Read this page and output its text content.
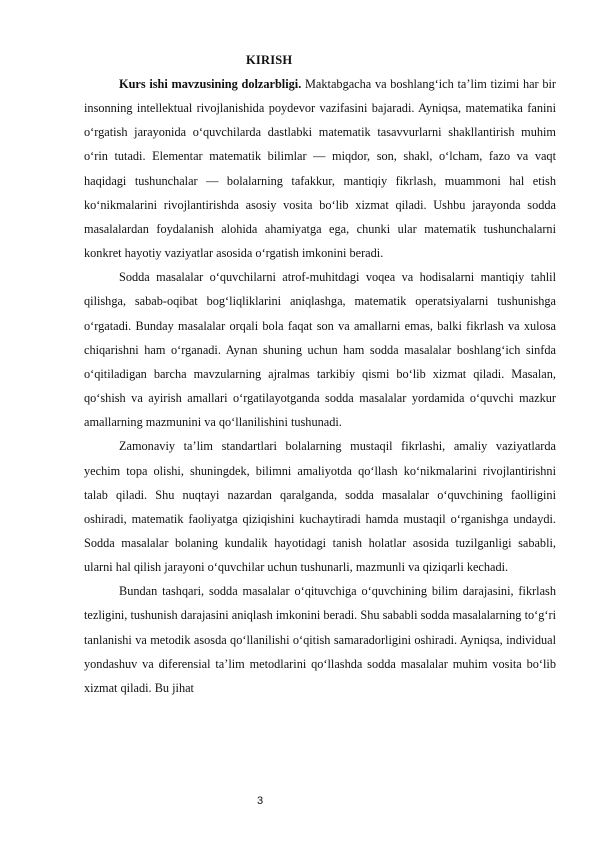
KIRISH

Kurs ishi mavzusining dolzarbligi. Maktabgacha va boshlang‘ich ta’lim tizimi har bir insonning intellektual rivojlanishida poydevor vazifasini bajaradi. Ayniqsa, matematika fanini o‘rgatish jarayonida o‘quvchilarda dastlabki matematik tasavvurlarni shakllantirish muhim o‘rin tutadi. Elementar matematik bilimlar — miqdor, son, shakl, o‘lcham, fazo va vaqt haqidagi tushunchalar — bolalarning tafakkur, mantiqiy fikrlash, muammoni hal etish ko‘nikmalarini rivojlantirishda asosiy vosita bo‘lib xizmat qiladi. Ushbu jarayonda sodda masalalardan foydalanish alohida ahamiyatga ega, chunki ular matematik tushunchalarni konkret hayotiy vaziyatlar asosida o‘rgatish imkonini beradi.

Sodda masalalar o‘quvchilarni atrof-muhitdagi voqea va hodisalarni mantiqiy tahlil qilishga, sabab-oqibat bog‘liqliklarini aniqlashga, matematik operatsiyalarni tushunishga o‘rgatadi. Bunday masalalar orqali bola faqat son va amallarni emas, balki fikrlash va xulosa chiqarishni ham o‘rganadi. Aynan shuning uchun ham sodda masalalar boshlang‘ich sinfda o‘qitiladigan barcha mavzularning ajralmas tarkibiy qismi bo‘lib xizmat qiladi. Masalan, qo‘shish va ayirish amallari o‘rgatilayotganda sodda masalalar yordamida o‘quvchi mazkur amallarning mazmunini va qo‘llanilishini tushunadi.

Zamonaviy ta’lim standartlari bolalarning mustaqil fikrlashi, amaliy vaziyatlarda yechim topa olishi, shuningdek, bilimni amaliyotda qo‘llash ko‘nikmalarini rivojlantirishni talab qiladi. Shu nuqtayi nazardan qaralganda, sodda masalalar o‘quvchining faolligini oshiradi, matematik faoliyatga qiziqishini kuchaytiradi hamda mustaqil o‘rganishga undaydi. Sodda masalalar bolaning kundalik hayotidagi tanish holatlar asosida tuzilganligi sababli, ularni hal qilish jarayoni o‘quvchilar uchun tushunarli, mazmunli va qiziqarli kechadi.

Bundan tashqari, sodda masalalar o‘qituvchiga o‘quvchining bilim darajasini, fikrlash tezligini, tushunish darajasini aniqlash imkonini beradi. Shu sababli sodda masalalarning to‘g‘ri tanlanishi va metodik asosda qo‘llanilishi o‘qitish samaradorligini oshiradi. Ayniqsa, individual yondashuv va diferensial ta’lim metodlarini qo‘llashda sodda masalalar muhim vosita bo‘lib xizmat qiladi. Bu jihat

3
